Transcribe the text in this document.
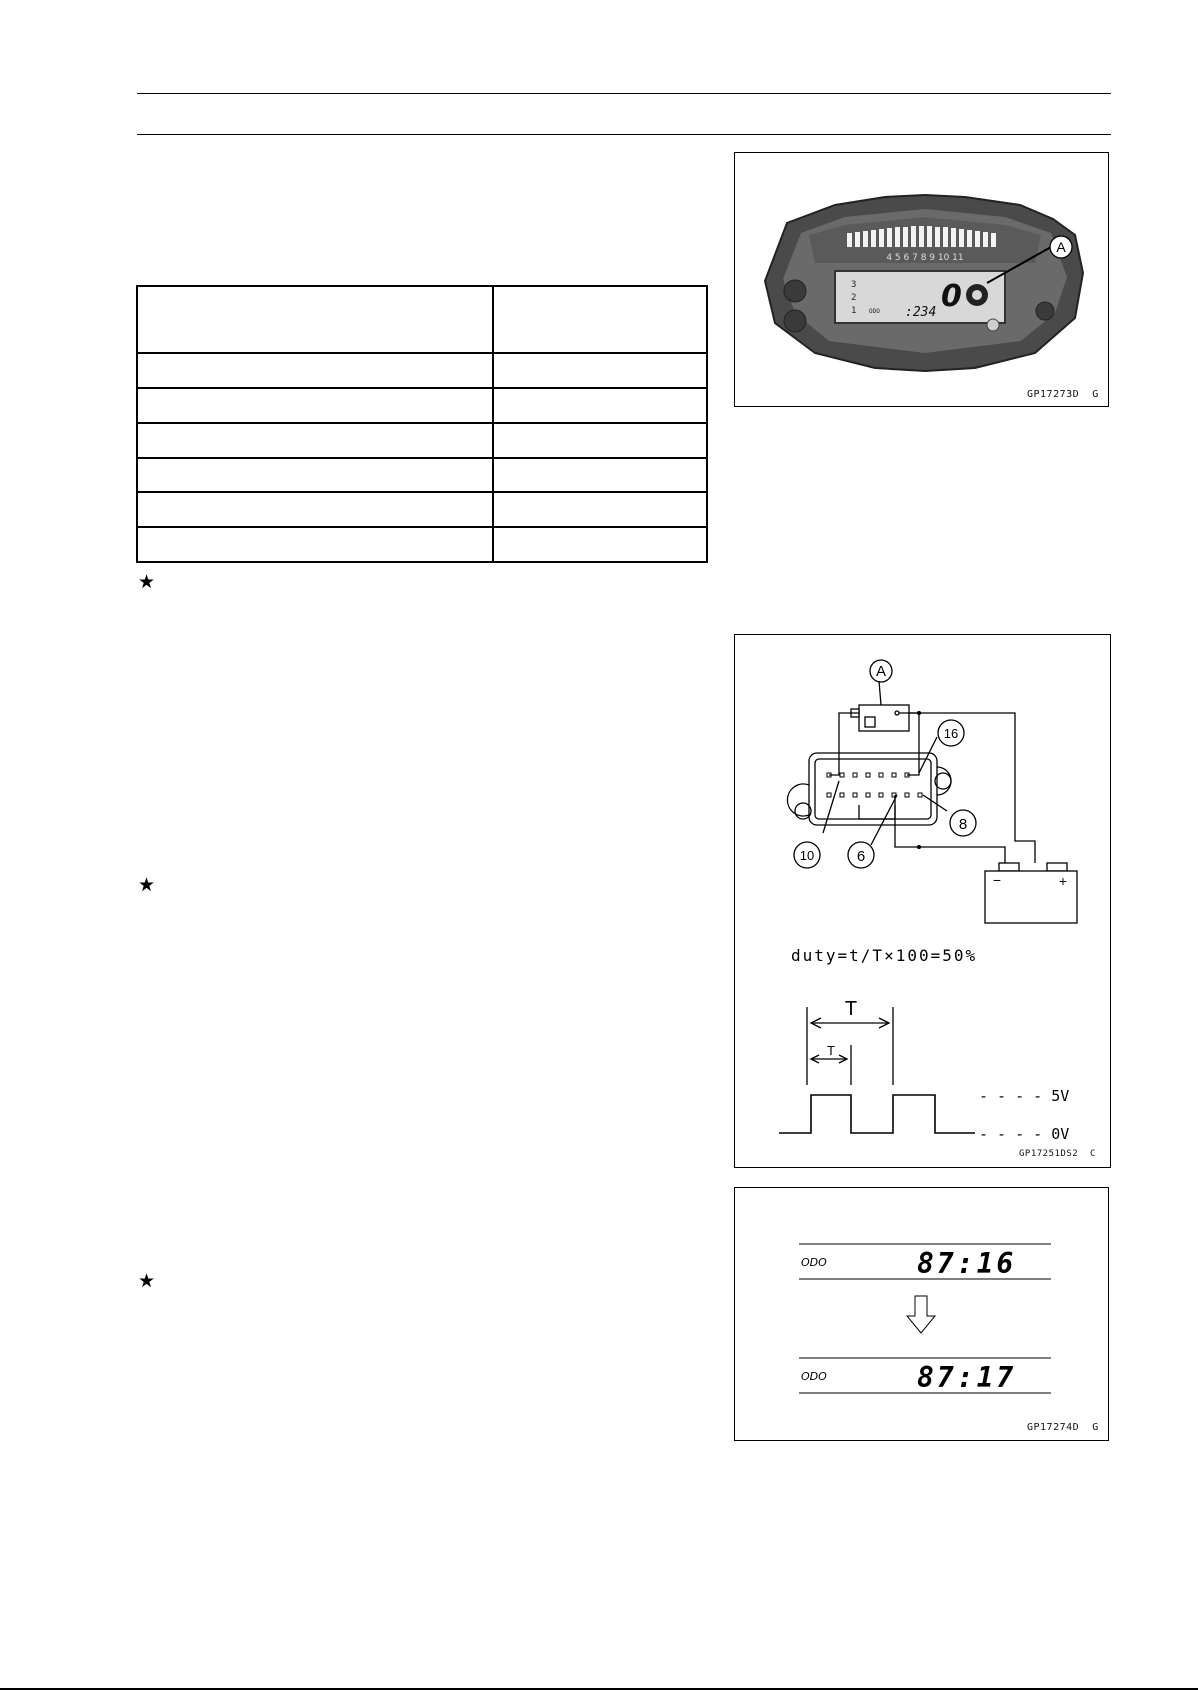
★
★
★
4 5 6 7 8 9 10 11
3
2
1 ODO 0
:234
A
GP17273D  G
A
16
8
10	6
−	+
T
T
duty=t/T×100=50%
- - - - 5V
- - - - 0V
GP17251DS2  C
ODO	87:16
ODO	87:17
GP17274D  G
